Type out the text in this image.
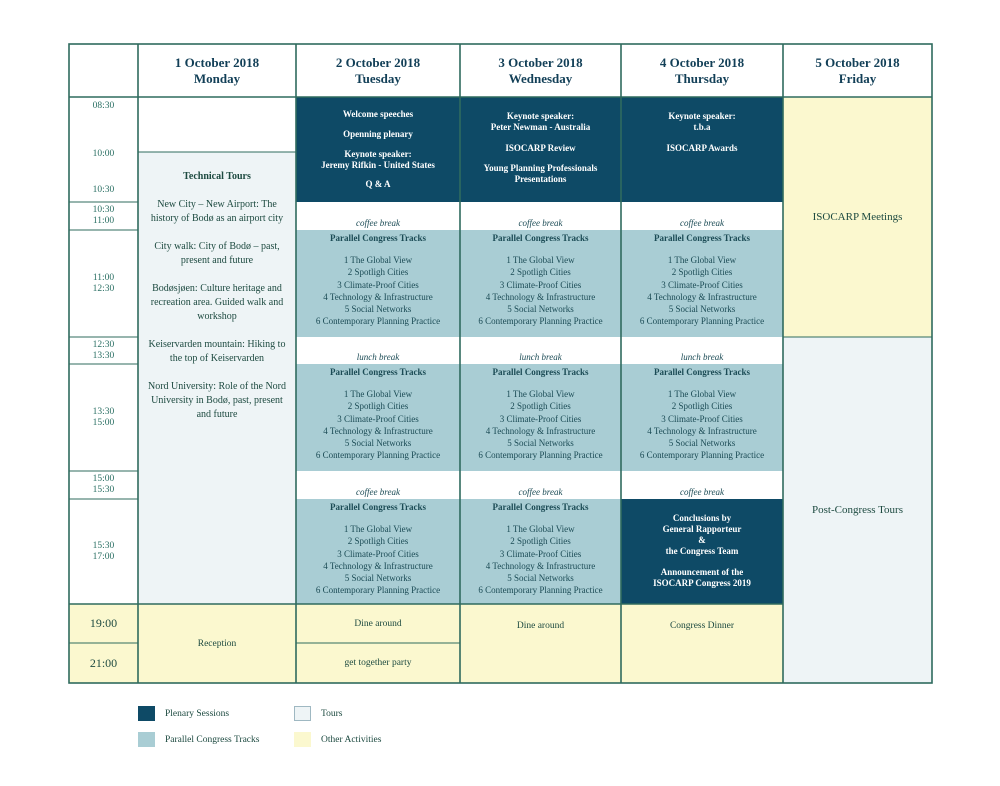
1 October 2018
Monday
2 October 2018
Tuesday
3 October 2018
Wednesday
4 October 2018
Thursday
5 October 2018
Friday
08:30
10:00
10:30
10:30
11:00
11:00
12:30
12:30
13:30
13:30
15:00
15:00
15:30
15:30
17:00
19:00
21:00
Technical Tours
New City – New Airport: The history of Bodø as an airport city
City walk: City of Bodø – past, present and future
Bodøsjøen: Culture heritage and recreation area. Guided walk and workshop
Keiservarden mountain: Hiking to the top of Keiservarden
Nord University: Role of the Nord University in Bodø, past, present and future
Reception

Welcome speeches

Openning plenary

Keynote speaker:

Jeremy Rifkin - United States

Q & A

coffee break
Parallel Congress Tracks
1 The Global View
2 Spotligh Cities
3 Climate-Proof Cities
4 Technology & Infrastructure
5 Social Networks
6 Contemporary Planning Practice
lunch break
Parallel Congress Tracks
1 The Global View
2 Spotligh Cities
3 Climate-Proof Cities
4 Technology & Infrastructure
5 Social Networks
6 Contemporary Planning Practice
coffee break
Parallel Congress Tracks
1 The Global View
2 Spotligh Cities
3 Climate-Proof Cities
4 Technology & Infrastructure
5 Social Networks
6 Contemporary Planning Practice
Dine around
get together party

Keynote speaker:

Peter Newman - Australia

ISOCARP Review

Young Planning Professionals

Presentations

coffee break
Parallel Congress Tracks
1 The Global View
2 Spotligh Cities
3 Climate-Proof Cities
4 Technology & Infrastructure
5 Social Networks
6 Contemporary Planning Practice
lunch break
Parallel Congress Tracks
1 The Global View
2 Spotligh Cities
3 Climate-Proof Cities
4 Technology & Infrastructure
5 Social Networks
6 Contemporary Planning Practice
coffee break
Parallel Congress Tracks
1 The Global View
2 Spotligh Cities
3 Climate-Proof Cities
4 Technology & Infrastructure
5 Social Networks
6 Contemporary Planning Practice
Dine around

Keynote speaker:

t.b.a

ISOCARP Awards

coffee break
Parallel Congress Tracks
1 The Global View
2 Spotligh Cities
3 Climate-Proof Cities
4 Technology & Infrastructure
5 Social Networks
6 Contemporary Planning Practice
lunch break
Parallel Congress Tracks
1 The Global View
2 Spotligh Cities
3 Climate-Proof Cities
4 Technology & Infrastructure
5 Social Networks
6 Contemporary Planning Practice
coffee break

Conclusions by

General Rapporteur

&

the Congress Team

Announcement of the

ISOCARP Congress 2019

Congress Dinner
ISOCARP Meetings
Post-Congress Tours
Plenary Sessions	Tours
Parallel Congress Tracks	Other Activities
